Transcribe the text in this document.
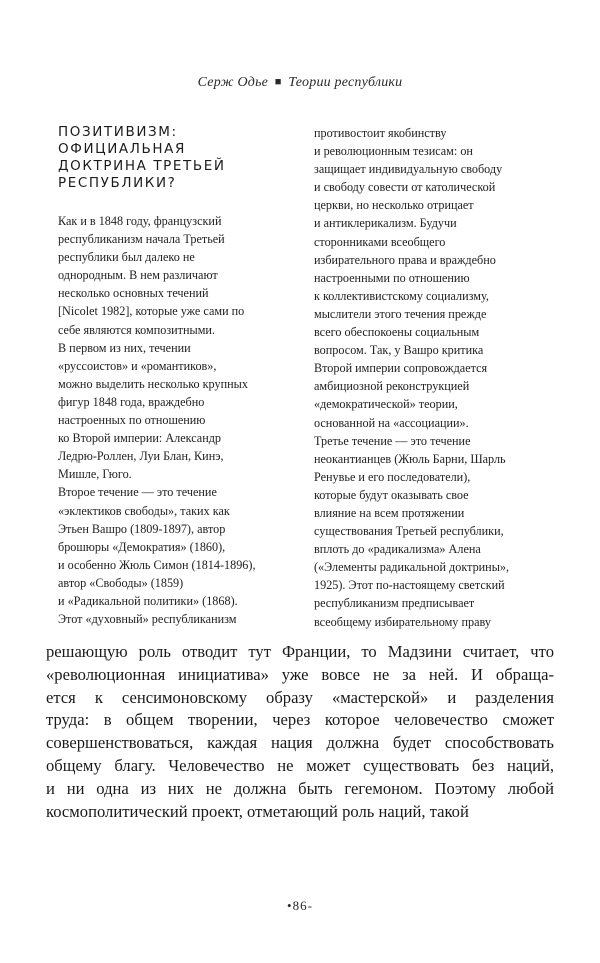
Серж Одье ■ Теории республики
ПОЗИТИВИЗМ:
ОФИЦИАЛЬНАЯ
ДОКТРИНА ТРЕТЬЕЙ
РЕСПУБЛИКИ?
Как и в 1848 году, французский
республиканизм начала Третьей
республики был далеко не
однородным. В нем различают
несколько основных течений
[Nicolet 1982], которые уже сами по
себе являются композитными.
В первом из них, течении
«руссоистов» и «романтиков»,
можно выделить несколько крупных
фигур 1848 года, враждебно
настроенных по отношению
ко Второй империи: Александр
Ледрю-Роллен, Луи Блан, Кинэ,
Мишле, Гюго.
Второе течение — это течение
«эклектиков свободы», таких как
Этьен Вашро (1809-1897), автор
брошюры «Демократия» (1860),
и особенно Жюль Симон (1814-1896),
автор «Свободы» (1859)
и «Радикальной политики» (1868).
Этот «духовный» республиканизм
противостоит якобинству
и революционным тезисам: он
защищает индивидуальную свободу
и свободу совести от католической
церкви, но несколько отрицает
и антиклерикализм. Будучи
сторонниками всеобщего
избирательного права и враждебно
настроенными по отношению
к коллективистскому социализму,
мыслители этого течения прежде
всего обеспокоены социальным
вопросом. Так, у Вашро критика
Второй империи сопровождается
амбициозной реконструкцией
«демократической» теории,
основанной на «ассоциации».
Третье течение — это течение
неокантианцев (Жюль Барни, Шарль
Ренувье и его последователи),
которые будут оказывать свое
влияние на всем протяжении
существования Третьей республики,
вплоть до «радикализма» Алена
(«Элементы радикальной доктрины»,
1925). Этот по-настоящему светский
республиканизм предписывает
всеобщему избирательному праву
решающую роль отводит тут Франции, то Мадзини считает, что
«революционная инициатива» уже вовсе не за ней. И обраща-
ется к сенсимоновскому образу «мастерской» и разделения
труда: в общем творении, через которое человечество сможет
совершенствоваться, каждая нация должна будет способствовать
общему благу. Человечество не может существовать без наций,
и ни одна из них не должна быть гегемоном. Поэтому любой
космополитический проект, отметающий роль наций, такой
•86-
